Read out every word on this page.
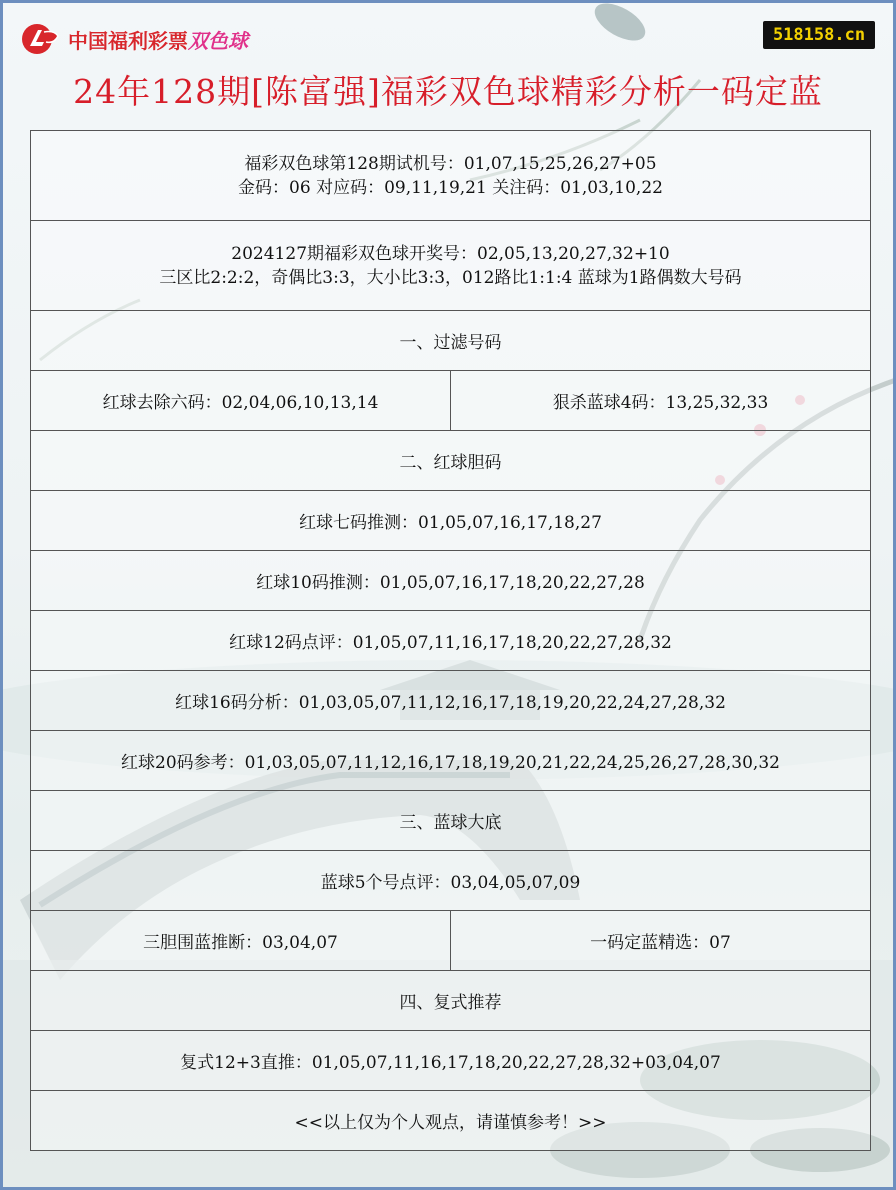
中国福利彩票双色球	518158.cn
24年128期[陈富强]福彩双色球精彩分析一码定蓝
福彩双色球第128期试机号：01,07,15,25,26,27+05
金码：06 对应码：09,11,19,21 关注码：01,03,10,22	

2024127期福彩双色球开奖号：02,05,13,20,27,32+10
三区比2:2:2，奇偶比3:3，大小比3:3，012路比1:1:4 蓝球为1路偶数大号码	

一、过滤号码	
红球去除六码：02,04,06,10,13,14	狠杀蓝球4码：13,25,32,33
二、红球胆码	
红球七码推测：01,05,07,16,17,18,27	
红球10码推测：01,05,07,16,17,18,20,22,27,28	
红球12码点评：01,05,07,11,16,17,18,20,22,27,28,32	
红球16码分析：01,03,05,07,11,12,16,17,18,19,20,22,24,27,28,32	
红球20码参考：01,03,05,07,11,12,16,17,18,19,20,21,22,24,25,26,27,28,30,32	
三、蓝球大底	
蓝球5个号点评：03,04,05,07,09	
三胆围蓝推断：03,04,07	一码定蓝精选：07
四、复式推荐	
复式12+3直推：01,05,07,11,16,17,18,20,22,27,28,32+03,04,07	
<<以上仅为个人观点，请谨慎参考！>>	
